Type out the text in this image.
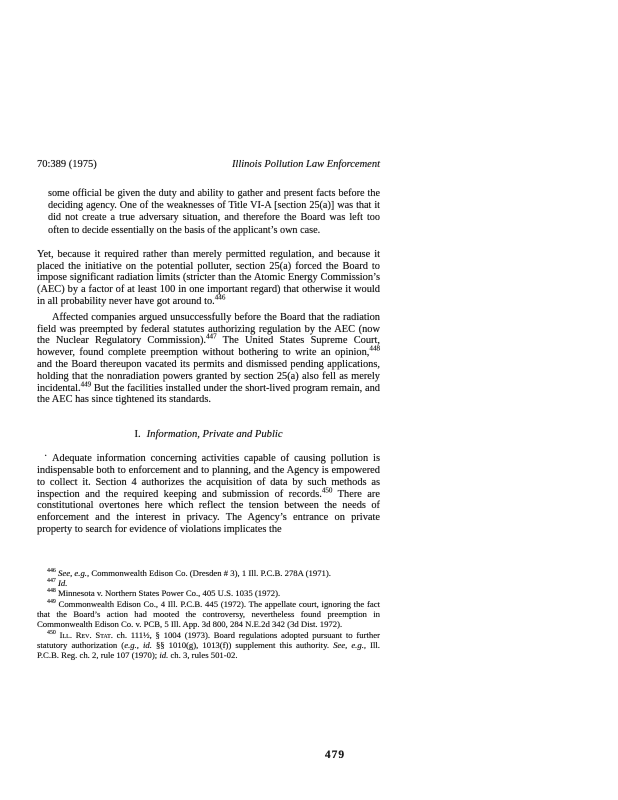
70:389 (1975)	Illinois Pollution Law Enforcement
some official be given the duty and ability to gather and present facts before the deciding agency. One of the weaknesses of Title VI-A [section 25(a)] was that it did not create a true adversary situation, and therefore the Board was left too often to decide essentially on the basis of the applicant’s own case.

Yet, because it required rather than merely permitted regulation, and because it placed the initiative on the potential polluter, section 25(a) forced the Board to impose significant radiation limits (stricter than the Atomic Energy Commission’s (AEC) by a factor of at least 100 in one important regard) that otherwise it would in all probability never have got around to.$^{446}$

Affected companies argued unsuccessfully before the Board that the radiation field was preempted by federal statutes authorizing regulation by the AEC (now the Nuclear Regulatory Commission).$^{447}$ The United States Supreme Court, however, found complete preemption without bothering to write an opinion,$^{448}$ and the Board thereupon vacated its permits and dismissed pending applications, holding that the nonradiation powers granted by section 25(a) also fell as merely incidental.$^{449}$ But the facilities installed under the short-lived program remain, and the AEC has since tightened its standards.

I. Information, Private and Public

Adequate information concerning activities capable of causing pollution is indispensable both to enforcement and to planning, and the Agency is empowered to collect it. Section 4 authorizes the acquisition of data by such methods as inspection and the required keeping and submission of records.$^{450}$ There are constitutional overtones here which reflect the tension between the needs of enforcement and the interest in privacy. The Agency’s entrance on private property to search for evidence of violations implicates the

$^{446}$ See, e.g., Commonwealth Edison Co. (Dresden # 3), 1 Ill. P.C.B. 278A (1971).

$^{447}$ Id.

$^{448}$ Minnesota v. Northern States Power Co., 405 U.S. 1035 (1972).

$^{449}$ Commonwealth Edison Co., 4 Ill. P.C.B. 445 (1972). The appellate court, ignoring the fact that the Board’s action had mooted the controversy, nevertheless found preemption in Commonwealth Edison Co. v. PCB, 5 Ill. App. 3d 800, 284 N.E.2d 342 (3d Dist. 1972).

$^{450}$ Ill. Rev. Stat. ch. 111½, § 1004 (1973). Board regulations adopted pursuant to further statutory authorization (e.g., id. §§ 1010(g), 1013(f)) supplement this authority. See, e.g., Ill. P.C.B. Reg. ch. 2, rule 107 (1970); id. ch. 3, rules 501-02.

·
479
